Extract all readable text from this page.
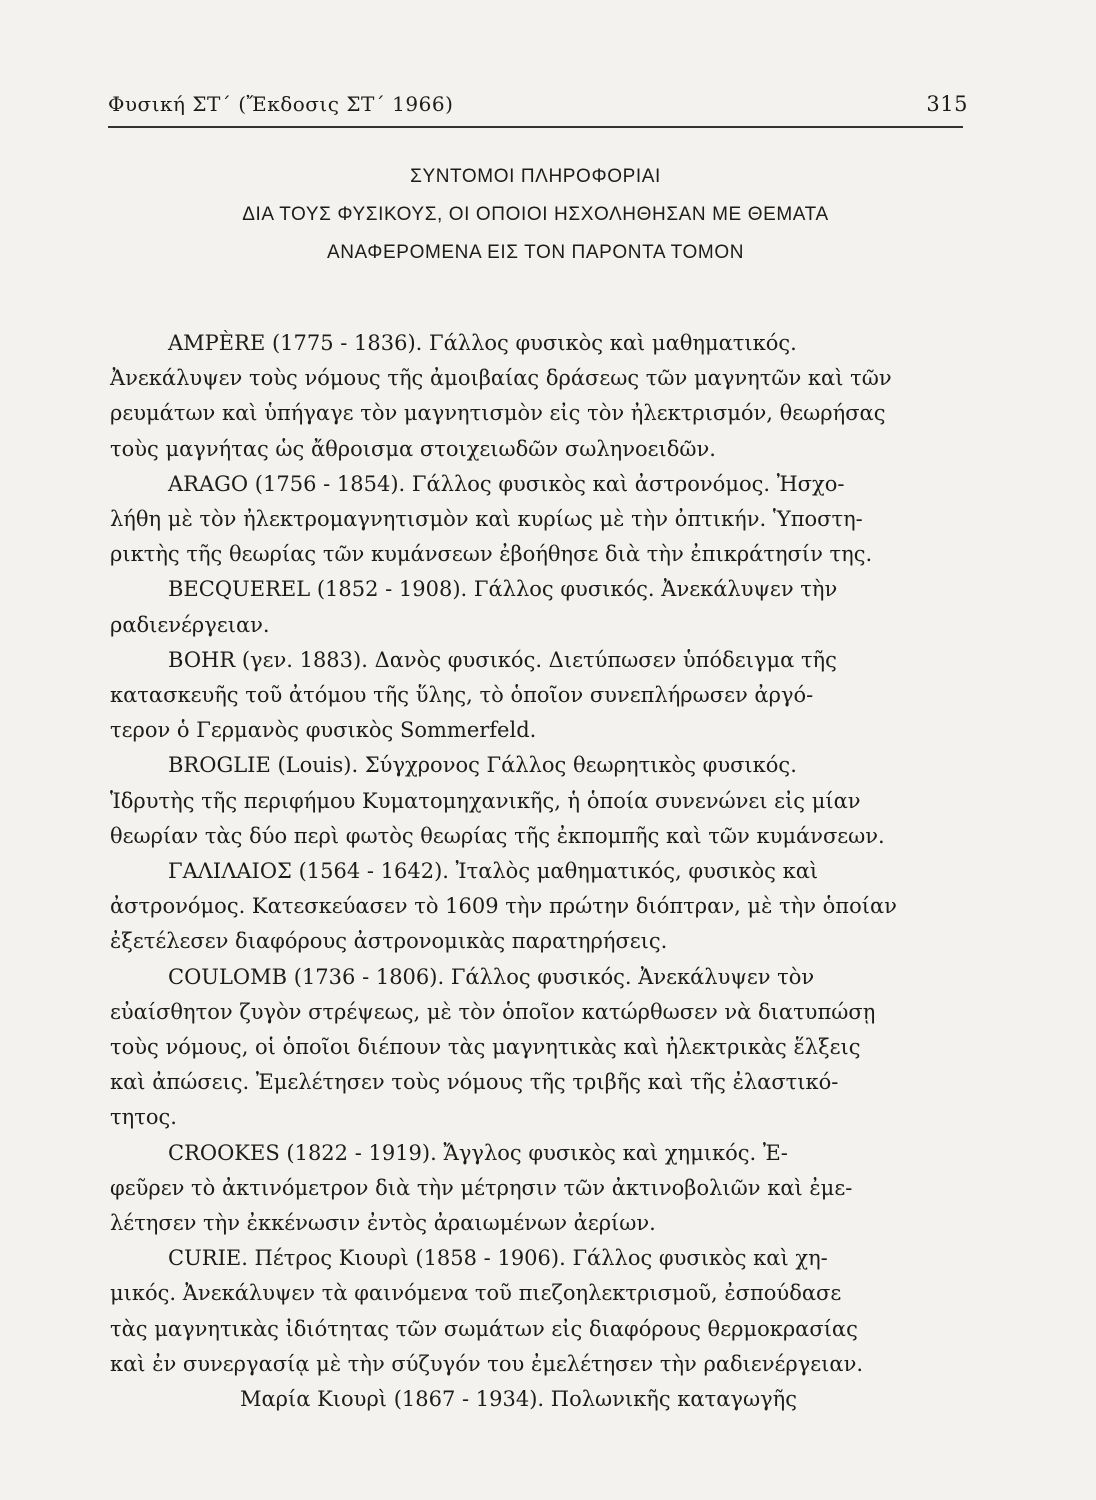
Φυσική ΣΤ΄ (Ἔκδοσις ΣΤ΄ 1966)	315
ΣΥΝΤΟΜΟΙ ΠΛΗΡΟΦΟΡΙΑΙ
ΔΙΑ ΤΟΥΣ ΦΥΣΙΚΟΥΣ, ΟΙ ΟΠΟΙΟΙ ΗΣΧΟΛΗΘΗΣΑΝ ΜΕ ΘΕΜΑΤΑ
ΑΝΑΦΕΡΟΜΕΝΑ ΕΙΣ ΤΟΝ ΠΑΡΟΝΤΑ ΤΟΜΟΝ

AMPÈRE (1775 - 1836). Γάλλος φυσικὸς καὶ μαθηματικός.
Ἀνεκάλυψεν τοὺς νόμους τῆς ἀμοιβαίας δράσεως τῶν μαγνητῶν καὶ τῶν
ρευμάτων καὶ ὑπήγαγε τὸν μαγνητισμὸν εἰς τὸν ἠλεκτρισμόν, θεωρήσας
τοὺς μαγνήτας ὡς ἄθροισμα στοιχειωδῶν σωληνοειδῶν.

ARAGO (1756 - 1854). Γάλλος φυσικὸς καὶ ἀστρονόμος. Ἠσχο-
λήθη μὲ τὸν ἠλεκτρομαγνητισμὸν καὶ κυρίως μὲ τὴν ὀπτικήν. Ὑποστη-
ρικτὴς τῆς θεωρίας τῶν κυμάνσεων ἐβοήθησε διὰ τὴν ἐπικράτησίν της.

BECQUEREL (1852 - 1908). Γάλλος φυσικός. Ἀνεκάλυψεν τὴν
ραδιενέργειαν.

BOHR (γεν. 1883). Δανὸς φυσικός. Διετύπωσεν ὑπόδειγμα τῆς
κατασκευῆς τοῦ ἀτόμου τῆς ὕλης, τὸ ὁποῖον συνεπλήρωσεν ἀργό-
τερον ὁ Γερμανὸς φυσικὸς Sommerfeld.

BROGLIE (Louis). Σύγχρονος Γάλλος θεωρητικὸς φυσικός.
Ἱδρυτὴς τῆς περιφήμου Κυματομηχανικῆς, ἡ ὁποία συνενώνει εἰς μίαν
θεωρίαν τὰς δύο περὶ φωτὸς θεωρίας τῆς ἐκπομπῆς καὶ τῶν κυμάνσεων.

ΓΑΛΙΛΑΙΟΣ (1564 - 1642). Ἰταλὸς μαθηματικός, φυσικὸς καὶ
ἀστρονόμος. Κατεσκεύασεν τὸ 1609 τὴν πρώτην διόπτραν, μὲ τὴν ὁποίαν
ἐξετέλεσεν διαφόρους ἀστρονομικὰς παρατηρήσεις.

COULOMB (1736 - 1806). Γάλλος φυσικός. Ἀνεκάλυψεν τὸν
εὐαίσθητον ζυγὸν στρέψεως, μὲ τὸν ὁποῖον κατώρθωσεν νὰ διατυπώσῃ
τοὺς νόμους, οἱ ὁποῖοι διέπουν τὰς μαγνητικὰς καὶ ἠλεκτρικὰς ἕλξεις
καὶ ἀπώσεις. Ἐμελέτησεν τοὺς νόμους τῆς τριβῆς καὶ τῆς ἐλαστικό-
τητος.

CROOKES (1822 - 1919). Ἄγγλος φυσικὸς καὶ χημικός. Ἐ-
φεῦρεν τὸ ἀκτινόμετρον διὰ τὴν μέτρησιν τῶν ἀκτινοβολιῶν καὶ ἐμε-
λέτησεν τὴν ἐκκένωσιν ἐντὸς ἀραιωμένων ἀερίων.

CURIE. Πέτρος Κιουρὶ (1858 - 1906). Γάλλος φυσικὸς καὶ χη-
μικός. Ἀνεκάλυψεν τὰ φαινόμενα τοῦ πιεζοηλεκτρισμοῦ, ἐσπούδασε
τὰς μαγνητικὰς ἰδιότητας τῶν σωμάτων εἰς διαφόρους θερμοκρασίας
καὶ ἐν συνεργασίᾳ μὲ τὴν σύζυγόν του ἐμελέτησεν τὴν ραδιενέργειαν.

Μαρία Κιουρὶ (1867 - 1934). Πολωνικῆς καταγωγῆς
